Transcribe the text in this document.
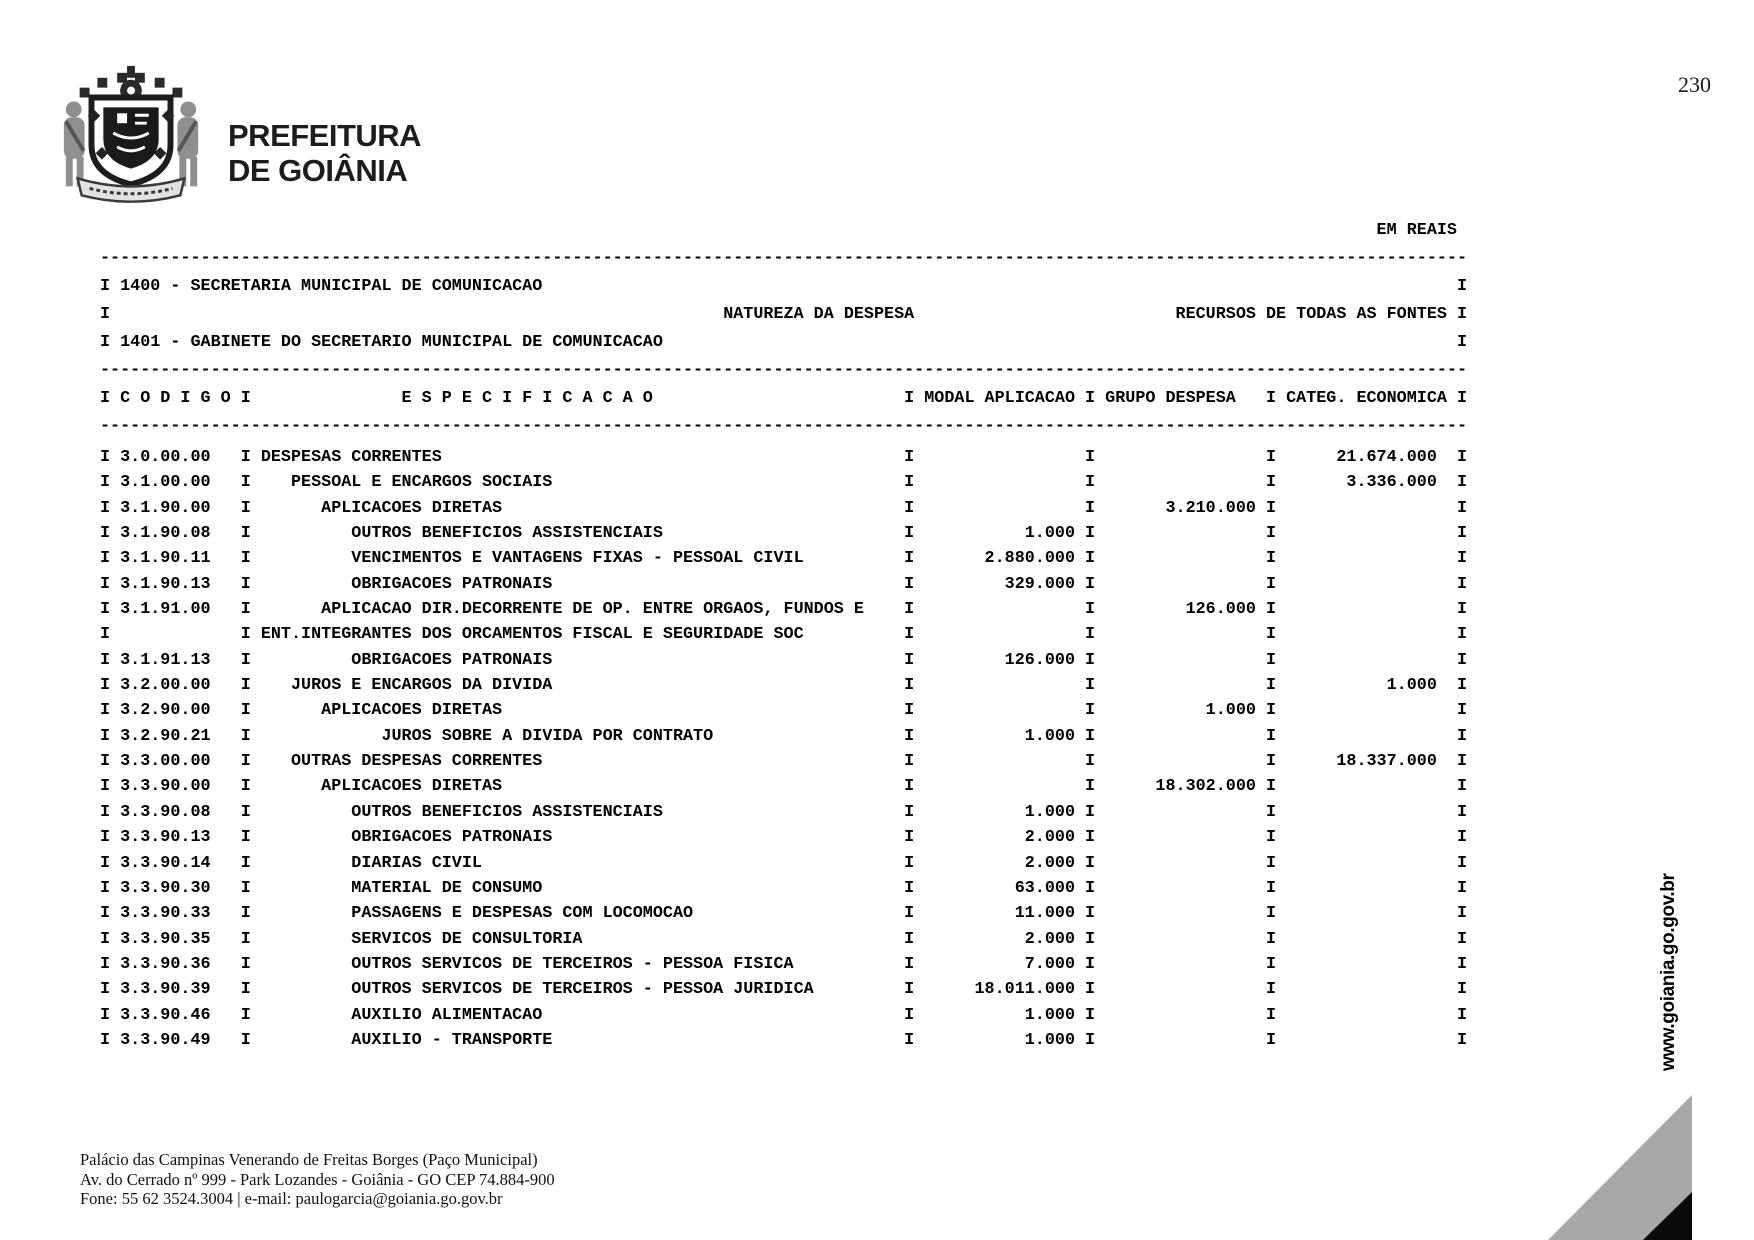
PREFEITURA
DE GOIÂNIA
230
EM REAIS
----------------------------------------------------------------------------------------------------------------------------------------
I 1400 - SECRETARIA MUNICIPAL DE COMUNICACAO                                                                                           I
I                                                             NATUREZA DA DESPESA                          RECURSOS DE TODAS AS FONTES I
I 1401 - GABINETE DO SECRETARIO MUNICIPAL DE COMUNICACAO                                                                               I
----------------------------------------------------------------------------------------------------------------------------------------
I C O D I G O I               E S P E C I F I C A C A O                         I MODAL APLICACAO I GRUPO DESPESA   I CATEG. ECONOMICA I
----------------------------------------------------------------------------------------------------------------------------------------
I 3.0.00.00   I DESPESAS CORRENTES                                              I                 I                 I      21.674.000  I
I 3.1.00.00   I    PESSOAL E ENCARGOS SOCIAIS                                   I                 I                 I       3.336.000  I
I 3.1.90.00   I       APLICACOES DIRETAS                                        I                 I       3.210.000 I                  I
I 3.1.90.08   I          OUTROS BENEFICIOS ASSISTENCIAIS                        I           1.000 I                 I                  I
I 3.1.90.11   I          VENCIMENTOS E VANTAGENS FIXAS - PESSOAL CIVIL          I       2.880.000 I                 I                  I
I 3.1.90.13   I          OBRIGACOES PATRONAIS                                   I         329.000 I                 I                  I
I 3.1.91.00   I       APLICACAO DIR.DECORRENTE DE OP. ENTRE ORGAOS, FUNDOS E    I                 I         126.000 I                  I
I             I ENT.INTEGRANTES DOS ORCAMENTOS FISCAL E SEGURIDADE SOC          I                 I                 I                  I
I 3.1.91.13   I          OBRIGACOES PATRONAIS                                   I         126.000 I                 I                  I
I 3.2.00.00   I    JUROS E ENCARGOS DA DIVIDA                                   I                 I                 I           1.000  I
I 3.2.90.00   I       APLICACOES DIRETAS                                        I                 I           1.000 I                  I
I 3.2.90.21   I             JUROS SOBRE A DIVIDA POR CONTRATO                   I           1.000 I                 I                  I
I 3.3.00.00   I    OUTRAS DESPESAS CORRENTES                                    I                 I                 I      18.337.000  I
I 3.3.90.00   I       APLICACOES DIRETAS                                        I                 I      18.302.000 I                  I
I 3.3.90.08   I          OUTROS BENEFICIOS ASSISTENCIAIS                        I           1.000 I                 I                  I
I 3.3.90.13   I          OBRIGACOES PATRONAIS                                   I           2.000 I                 I                  I
I 3.3.90.14   I          DIARIAS CIVIL                                          I           2.000 I                 I                  I
I 3.3.90.30   I          MATERIAL DE CONSUMO                                    I          63.000 I                 I                  I
I 3.3.90.33   I          PASSAGENS E DESPESAS COM LOCOMOCAO                     I          11.000 I                 I                  I
I 3.3.90.35   I          SERVICOS DE CONSULTORIA                                I           2.000 I                 I                  I
I 3.3.90.36   I          OUTROS SERVICOS DE TERCEIROS - PESSOA FISICA           I           7.000 I                 I                  I
I 3.3.90.39   I          OUTROS SERVICOS DE TERCEIROS - PESSOA JURIDICA         I      18.011.000 I                 I                  I
I 3.3.90.46   I          AUXILIO ALIMENTACAO                                    I           1.000 I                 I                  I
I 3.3.90.49   I          AUXILIO - TRANSPORTE                                   I           1.000 I                 I                  I
Palácio das Campinas Venerando de Freitas Borges (Paço Municipal)
Av. do Cerrado nº 999 - Park Lozandes - Goiânia - GO CEP 74.884-900
Fone: 55 62 3524.3004 | e-mail: paulogarcia@goiania.go.gov.br
www.goiania.go.gov.br
